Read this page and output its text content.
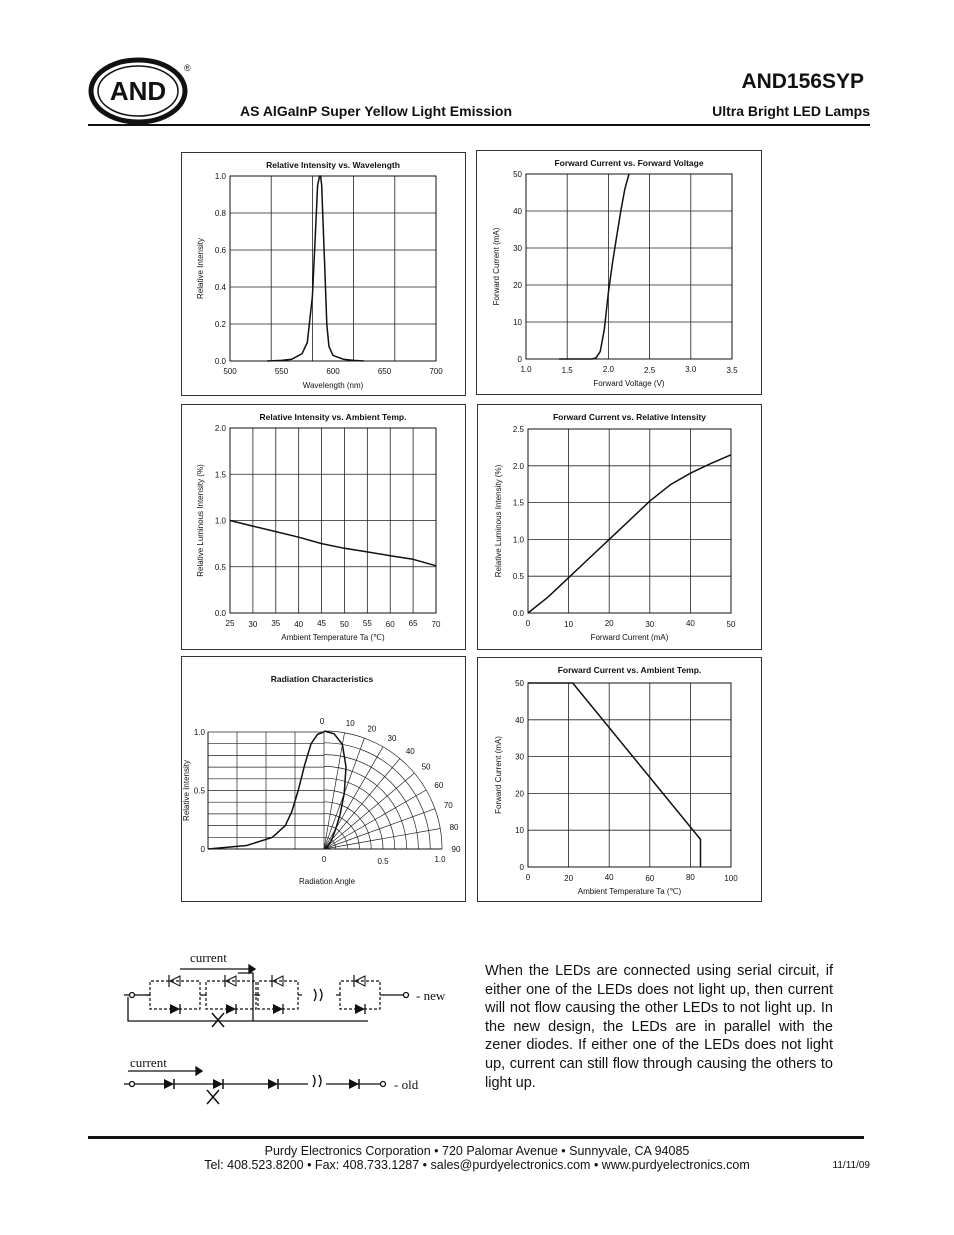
AND
®
AND156SYP
AS AlGaInP Super Yellow Light Emission	Ultra Bright LED Lamps
Relative Intensity vs. Wavelength
500	550	600	650	700
0.0
0.2
0.4
0.6
0.8
1.0
Wavelength (nm)
Relative Intensity
Forward Current vs. Forward Voltage
1.0	1.5	2.0	2.5	3.0	3.5
0
10
20
30
40
50
Forward Voltage (V)
Forward Current (mA)
Relative Intensity vs. Ambient Temp.
25 30 35 40 45 50 55 60 65 70
0.0
0.5
1.0
1.5
2.0
Ambient Temperature Ta (℃)
Relative Luminous Intensity (%)
Forward Current vs. Relative Intensity
0	10	20	30	40	50
0.0
0.5
1.0
1.5
2.0
2.5
Forward Current (mA)
Relative Luminous Intensity (%)
Radiation Characteristics
0	10
20
30
40
50
60
70
80
90
0	0.5	1.0
0
0.5
1.0
Relative Intensity
Radiation Angle
Forward Current vs. Ambient Temp.
0	20	40	60	80	100
0
10
20
30
40
50
Ambient Temperature Ta (℃)
Forward Current (mA)
current
- new
current
- old
When the LEDs are connected using serial circuit, if either one of the LEDs does not light up, then current will not flow causing the other LEDs to not light up. In the new design, the LEDs are in parallel with the zener diodes. If either one of the LEDs does not light up, current can still flow through causing the others to light up.
Purdy Electronics Corporation • 720 Palomar Avenue • Sunnyvale, CA 94085
Tel: 408.523.8200 • Fax: 408.733.1287 • sales@purdyelectronics.com • www.purdyelectronics.com	11/11/09
